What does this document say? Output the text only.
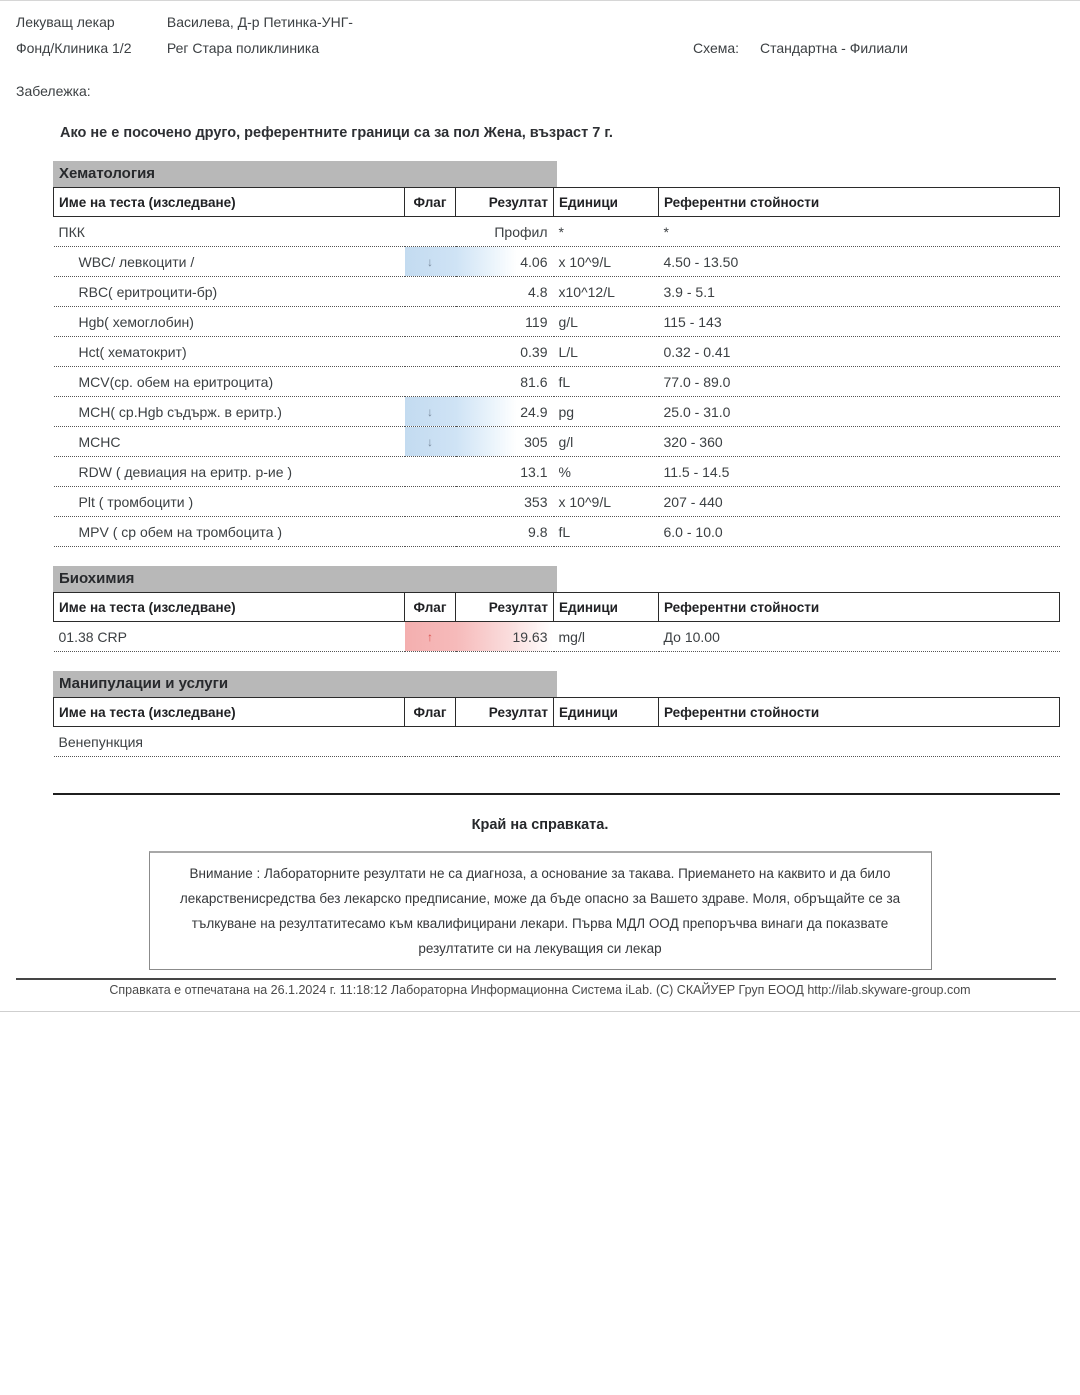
Лекуващ лекар	Василева, Д-р Петинка-УНГ-
Фонд/Клиника 1/2	Рег Стара поликлиника	Схема: Стандартна - Филиали
Забележка:
Ако не е посочено друго, референтните граници са за пол Жена, възраст 7 г.
Хематология
Име на теста (изследване)	Флаг	Резултат	Единици	Референтни стойности
ПКК		Профил	*	*
WBC/ левкоцити /	↓	4.06	x 10^9/L	4.50 - 13.50
RBC( еритроцити-бр)		4.8	x10^12/L	3.9 - 5.1
Hgb( хемоглобин)		119	g/L	115 - 143
Hct( хематокрит)		0.39	L/L	0.32 - 0.41
MCV(ср. обем на еритроцита)		81.6	fL	77.0 - 89.0
MCH( ср.Hgb съдърж. в еритр.)	↓	24.9	pg	25.0 - 31.0
MCHC	↓	305	g/l	320 - 360
RDW ( девиация на еритр. р-ие )		13.1	%	11.5 - 14.5
Plt ( тромбоцити )		353	x 10^9/L	207 - 440
MPV ( ср обем на тромбоцита )		9.8	fL	6.0 - 10.0
Биохимия
Име на теста (изследване)	Флаг	Резултат	Единици	Референтни стойности
01.38 CRP	↑	19.63	mg/l	До 10.00
Манипулации и услуги
Име на теста (изследване)	Флаг	Резултат	Единици	Референтни стойности
Венепункция				
Край на справката.
Внимание : Лабораторните резултати не са диагноза, а основание за такава. Приемането на каквито и да било лекарственисредства без лекарско предписание, може да бъде опасно за Вашето здраве. Моля, обръщайте се за тълкуване на резултатитесамо към квалифицирани лекари. Първа МДЛ ООД препоръчва винаги да показвате резултатите си на лекуващия си лекар
Справката е отпечатана на 26.1.2024 г. 11:18:12 Лабораторна Информационна Система iLab. (С) СКАЙУЕР Груп ЕООД http://ilab.skyware-group.com
